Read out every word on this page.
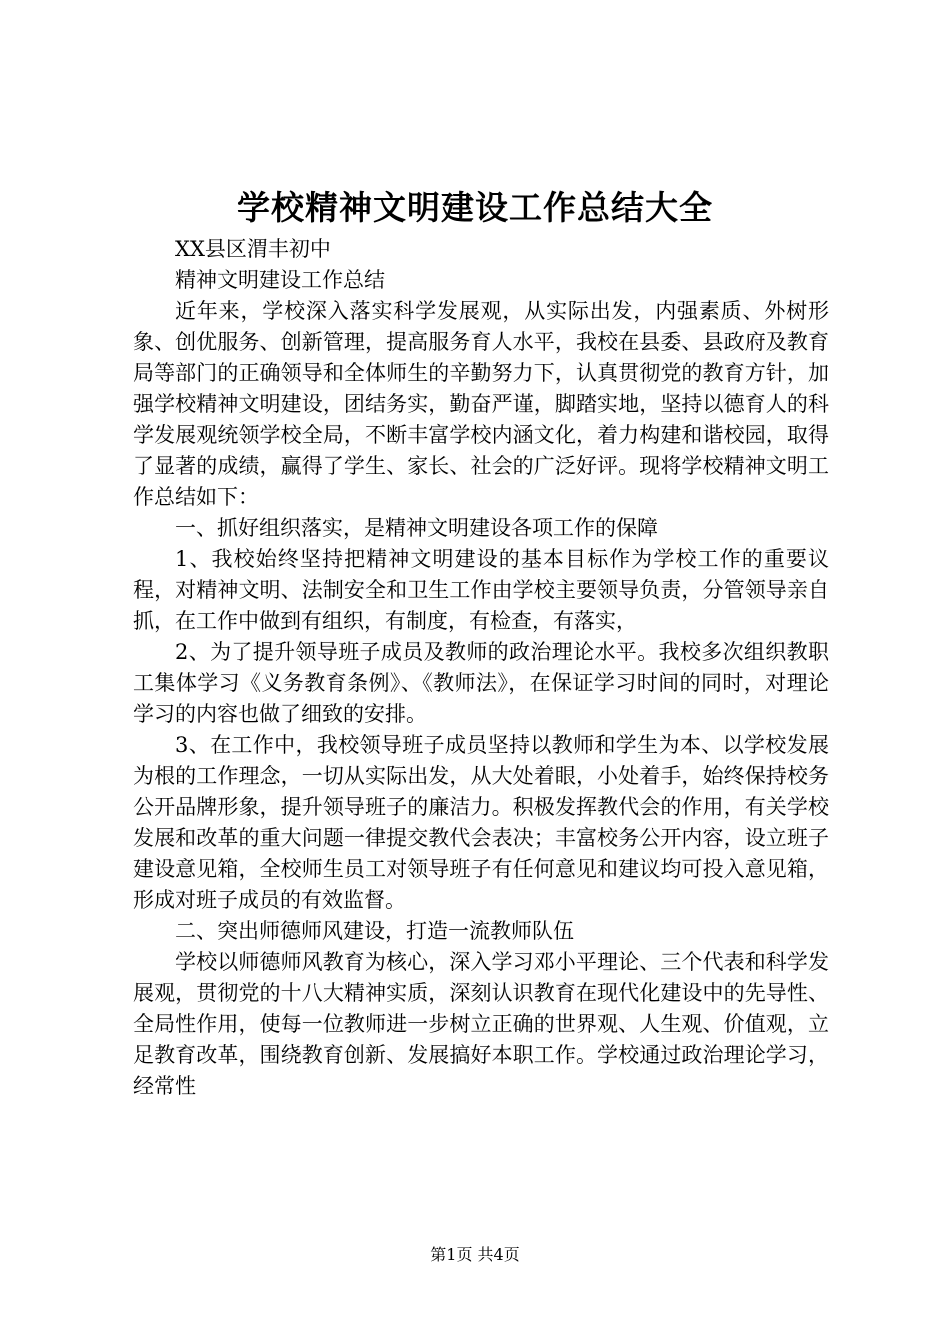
学校精神文明建设工作总结大全

XX县区渭丰初中

精神文明建设工作总结

近年来，学校深入落实科学发展观，从实际出发，内强素质、外树形象、创优服务、创新管理，提高服务育人水平，我校在县委、县政府及教育局等部门的正确领导和全体师生的辛勤努力下，认真贯彻党的教育方针，加强学校精神文明建设，团结务实，勤奋严谨，脚踏实地，坚持以德育人的科学发展观统领学校全局，不断丰富学校内涵文化，着力构建和谐校园，取得了显著的成绩，赢得了学生、家长、社会的广泛好评。现将学校精神文明工作总结如下：

一、抓好组织落实，是精神文明建设各项工作的保障

1、我校始终坚持把精神文明建设的基本目标作为学校工作的重要议程，对精神文明、法制安全和卫生工作由学校主要领导负责，分管领导亲自抓，在工作中做到有组织，有制度，有检查，有落实，

2、为了提升领导班子成员及教师的政治理论水平。我校多次组织教职工集体学习《义务教育条例》、《教师法》，在保证学习时间的同时，对理论学习的内容也做了细致的安排。

3、在工作中，我校领导班子成员坚持以教师和学生为本、以学校发展为根的工作理念，一切从实际出发，从大处着眼，小处着手，始终保持校务公开品牌形象，提升领导班子的廉洁力。积极发挥教代会的作用，有关学校发展和改革的重大问题一律提交教代会表决；丰富校务公开内容，设立班子建设意见箱，全校师生员工对领导班子有任何意见和建议均可投入意见箱，形成对班子成员的有效监督。

二、突出师德师风建设，打造一流教师队伍

学校以师德师风教育为核心，深入学习邓小平理论、三个代表和科学发展观，贯彻党的十八大精神实质，深刻认识教育在现代化建设中的先导性、全局性作用，使每一位教师进一步树立正确的世界观、人生观、价值观，立足教育改革，围绕教育创新、发展搞好本职工作。学校通过政治理论学习，经常性

第1页 共4页
